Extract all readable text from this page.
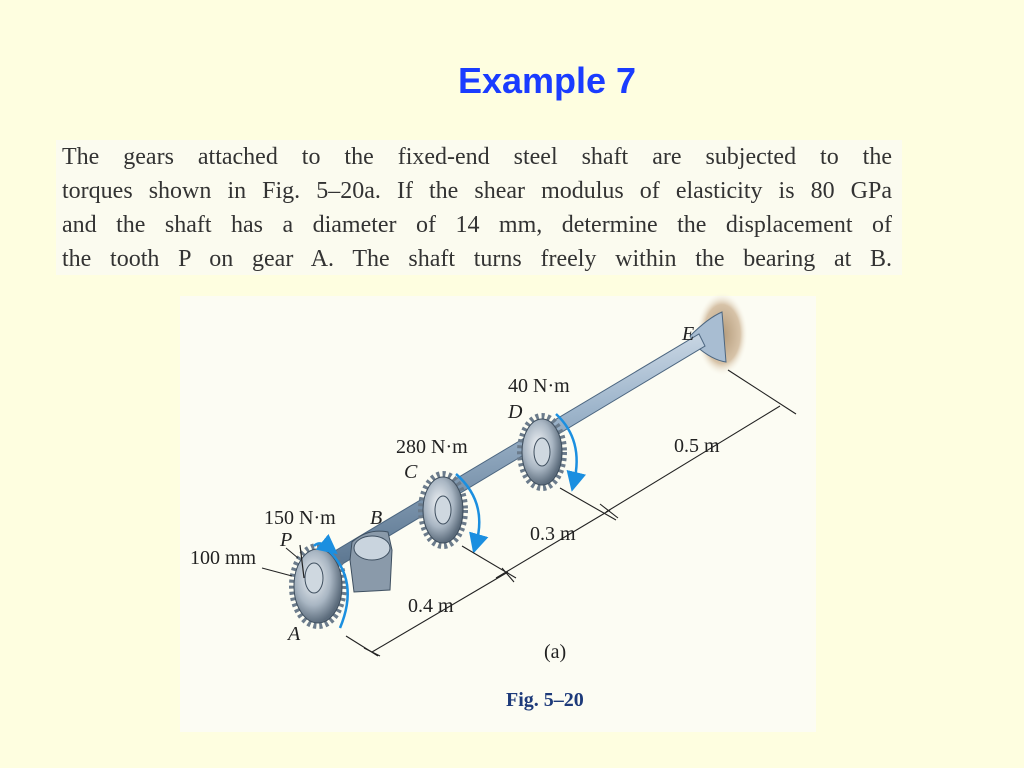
Example 7
The gears attached to the fixed-end steel shaft are subjected to the
torques shown in Fig. 5–20a. If the shear modulus of elasticity is 80 GPa
and the shaft has a diameter of 14 mm, determine the displacement of
the tooth P on gear A. The shaft turns freely within the bearing at B.
E
40 N·m
D
280 N·m
C
150 N·m B
P
100 mm
A
0.4 m
0.3 m
0.5 m
(a)
Fig. 5–20
